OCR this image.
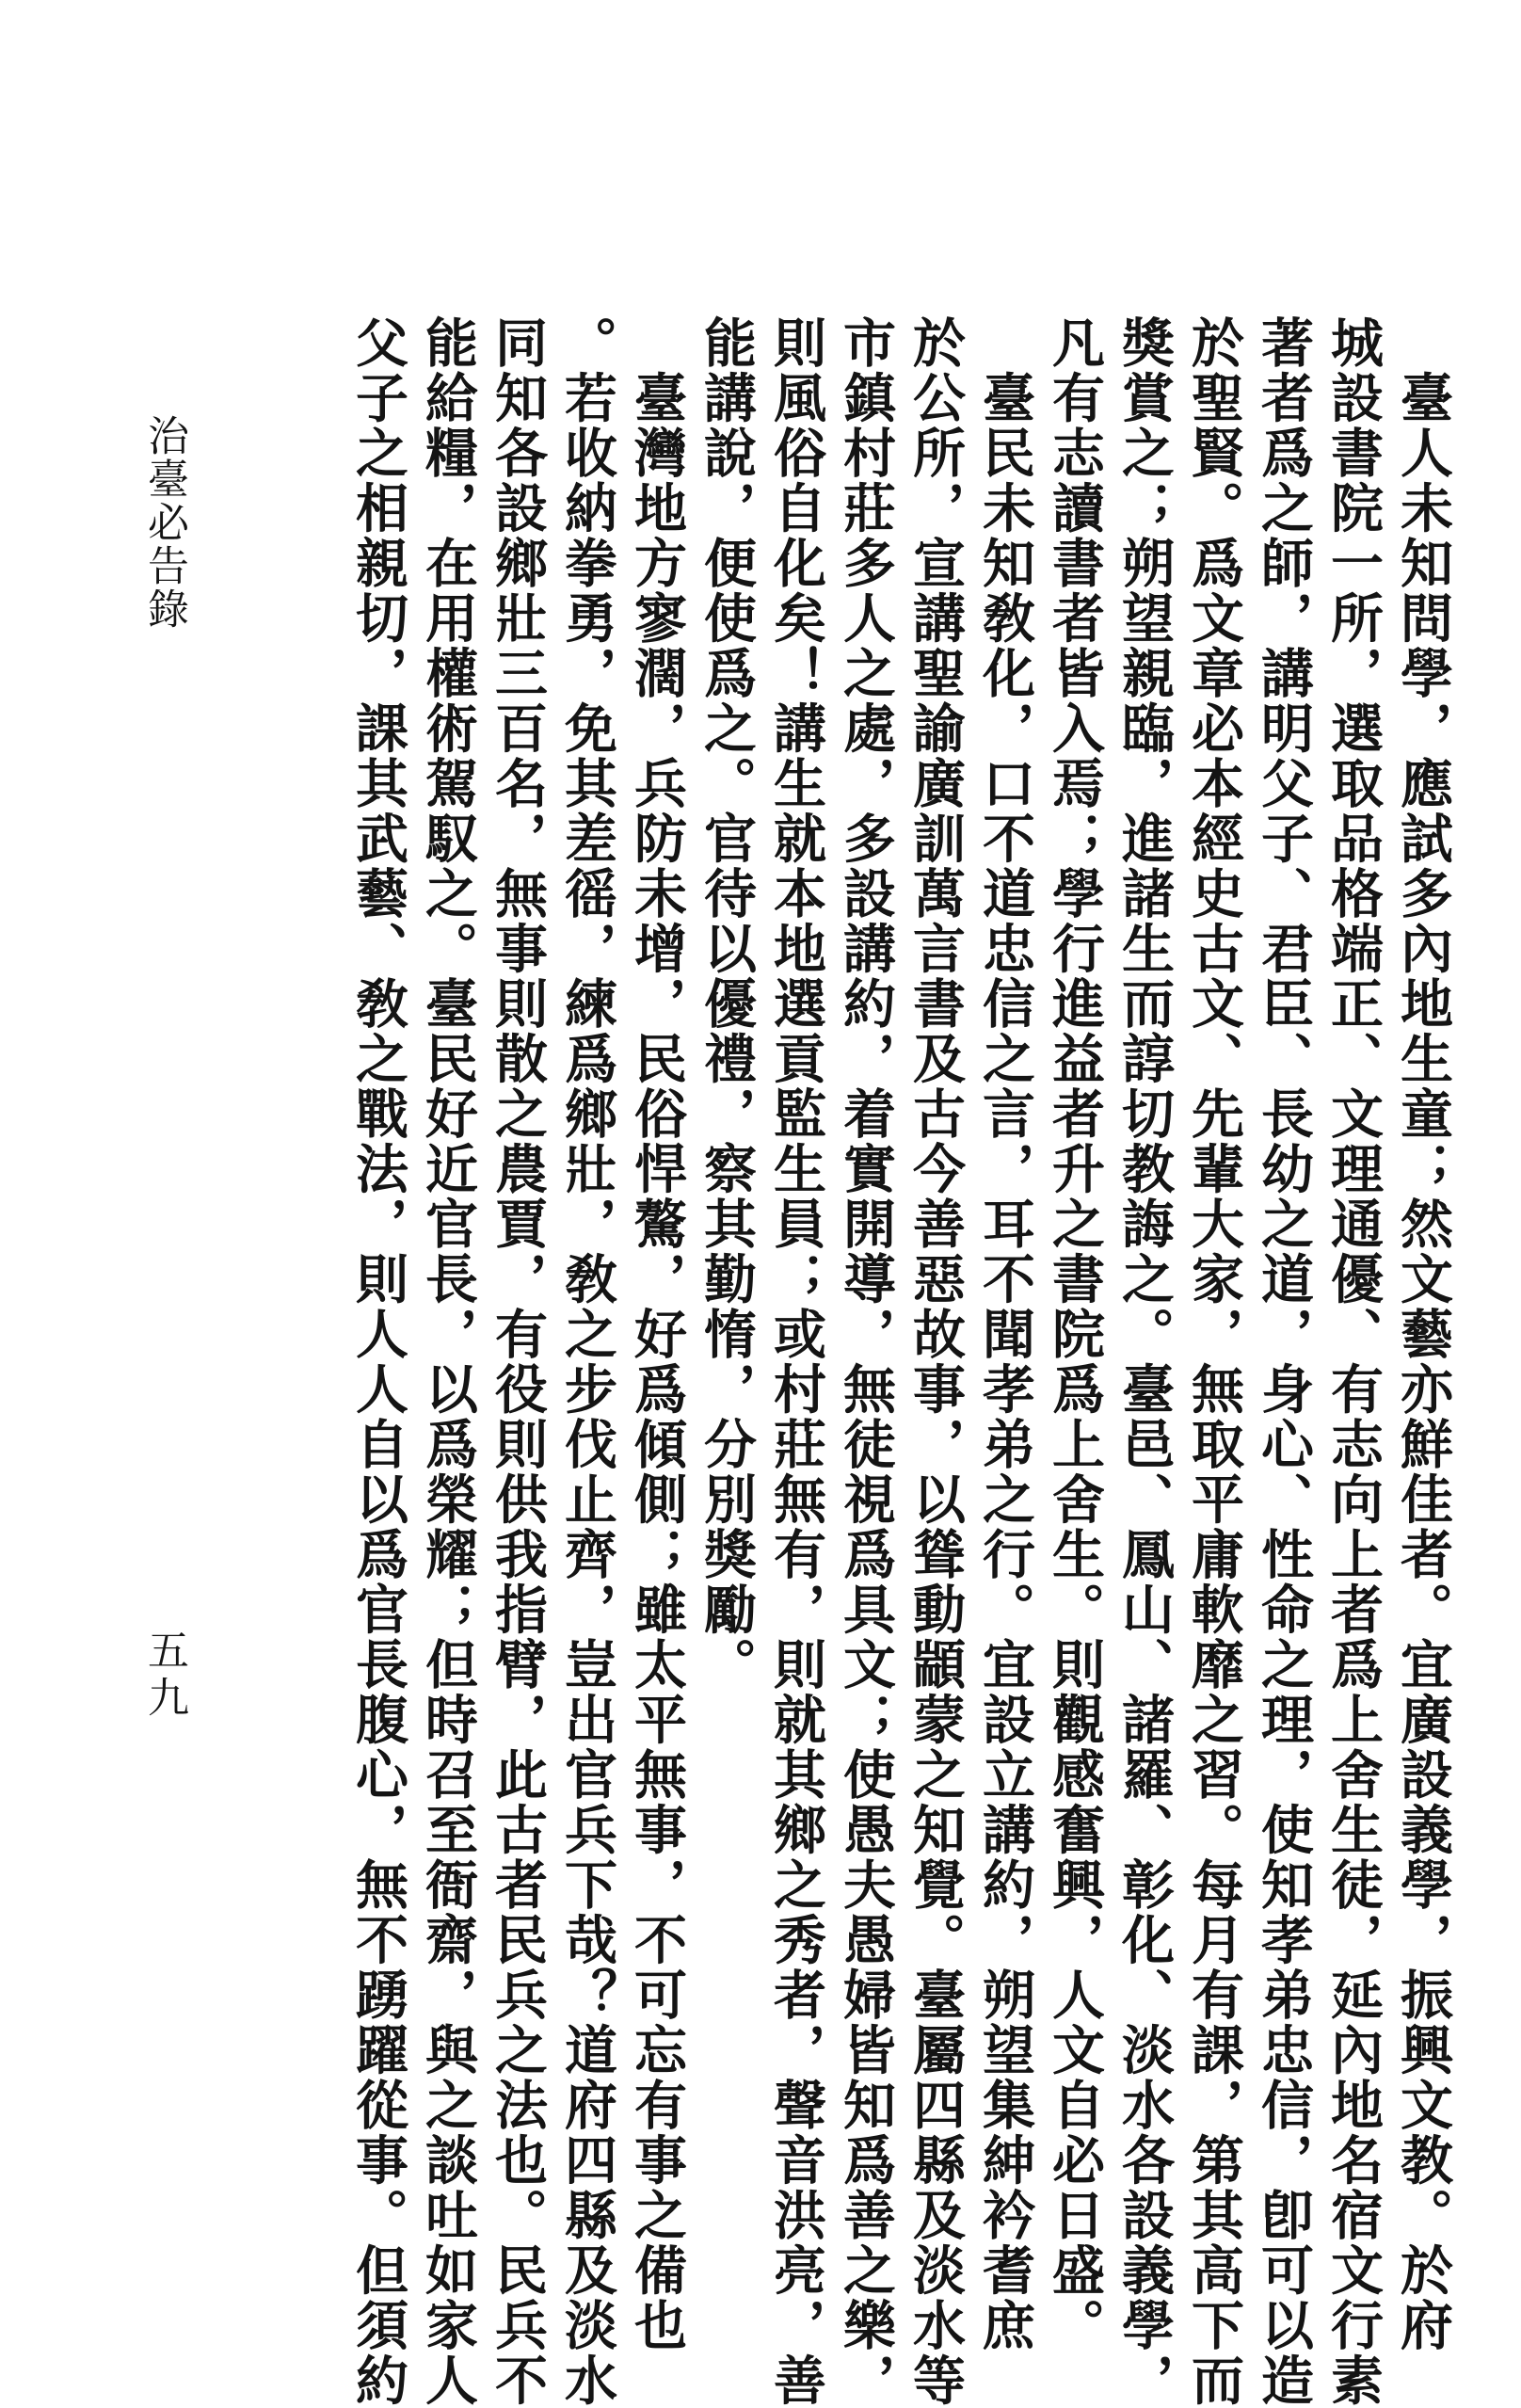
治臺必告錄
五九	　臺人未知問學，應試多內地生童；然文藝亦鮮佳者。宜廣設義學，振興文教。於府
城設書院一所，選取品格端正、文理通優、有志向上者爲上舍生徒，延內地名宿文行素
著者爲之師，講明父子、君臣、長幼之道，身心、性命之理，使知孝弟忠信，卽可以造
於聖賢。爲文章必本經史古文、先輩大家，無取平庸軟靡之習。每月有課，第其高下而
獎賞之；朔望親臨，進諸生而諄切教誨之。臺邑、鳳山、諸羅、彰化、淡水各設義學，
凡有志讀書者皆入焉；學行進益者升之書院爲上舍生。則觀感奮興，人文自必日盛。
　臺民未知敎化，口不道忠信之言，耳不聞孝弟之行。宜設立講約，朔望集紳衿耆庶
於公所，宣講聖諭廣訓萬言書及古今善惡故事，以聳動顓蒙之知覺。臺屬四縣及淡水等
市鎮村莊多人之處，多設講約，着實開導，無徒視爲具文；使愚夫愚婦皆知爲善之樂，
則風俗自化矣！講生就本地選貢監生員；或村莊無有，則就其鄉之秀者，聲音洪亮，善
能講說，便使爲之。官待以優禮，察其勤惰，分別獎勵。
　臺灣地方寥濶，兵防未增，民俗悍驁，好爲傾側；雖太平無事，不可忘有事之備也
。若收納拳勇，免其差徭，練爲鄉壯，敎之步伐止齊，豈出官兵下哉？道府四縣及淡水
同知各設鄉壯三百名，無事則散之農賈，有役則供我指臂，此古者民兵之法也。民兵不
能給糧，在用權術駕馭之。臺民好近官長，以爲榮耀；但時召至衙齋，與之談吐如家人
父子之相親切，課其武藝、敎之戰法，則人人自以爲官長腹心，無不踴躍從事。但須約
